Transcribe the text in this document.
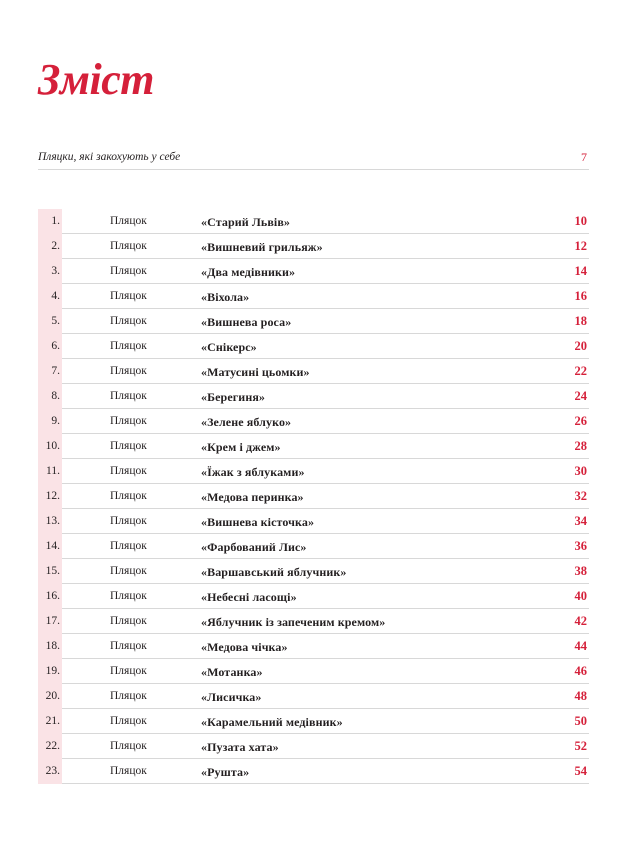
Зміст
Пляцки, які закохують у себе	7
1.	Пляцок	«Старий Львів»	10
2.	Пляцок	«Вишневий грильяж»	12
3.	Пляцок	«Два медівники»	14
4.	Пляцок	«Віхола»	16
5.	Пляцок	«Вишнева роса»	18
6.	Пляцок	«Снікерс»	20
7.	Пляцок	«Матусині цьомки»	22
8.	Пляцок	«Берегиня»	24
9.	Пляцок	«Зелене яблуко»	26
10.	Пляцок	«Крем і джем»	28
11.	Пляцок	«Їжак з яблуками»	30
12.	Пляцок	«Медова перинка»	32
13.	Пляцок	«Вишнева кісточка»	34
14.	Пляцок	«Фарбований Лис»	36
15.	Пляцок	«Варшавський яблучник»	38
16.	Пляцок	«Небесні ласощі»	40
17.	Пляцок	«Яблучник із запеченим кремом»	42
18.	Пляцок	«Медова чічка»	44
19.	Пляцок	«Мотанка»	46
20.	Пляцок	«Лисичка»	48
21.	Пляцок	«Карамельний медівник»	50
22.	Пляцок	«Пузата хата»	52
23.	Пляцок	«Рушта»	54
